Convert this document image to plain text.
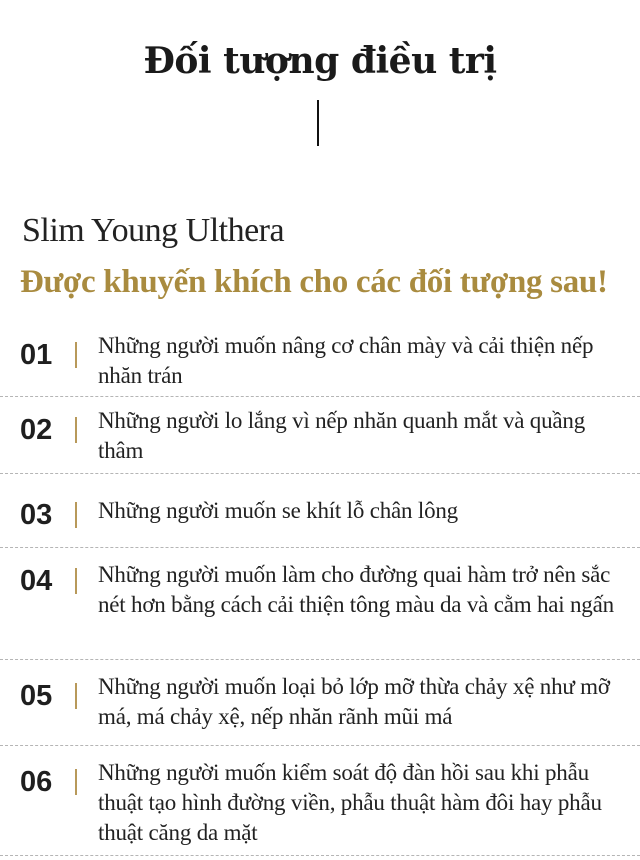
Đối tượng điều trị
Slim Young Ulthera
Được khuyến khích cho các đối tượng sau!
01 Những người muốn nâng cơ chân mày và cải thiện nếp nhăn trán
02 Những người lo lắng vì nếp nhăn quanh mắt và quầng thâm
03 Những người muốn se khít lỗ chân lông
04 Những người muốn làm cho đường quai hàm trở nên sắc nét hơn bằng cách cải thiện tông màu da và cằm hai ngấn
05 Những người muốn loại bỏ lớp mỡ thừa chảy xệ như mỡ má, má chảy xệ, nếp nhăn rãnh mũi má
06 Những người muốn kiểm soát độ đàn hồi sau khi phẫu thuật tạo hình đường viền, phẫu thuật hàm đôi hay phẫu thuật căng da mặt
